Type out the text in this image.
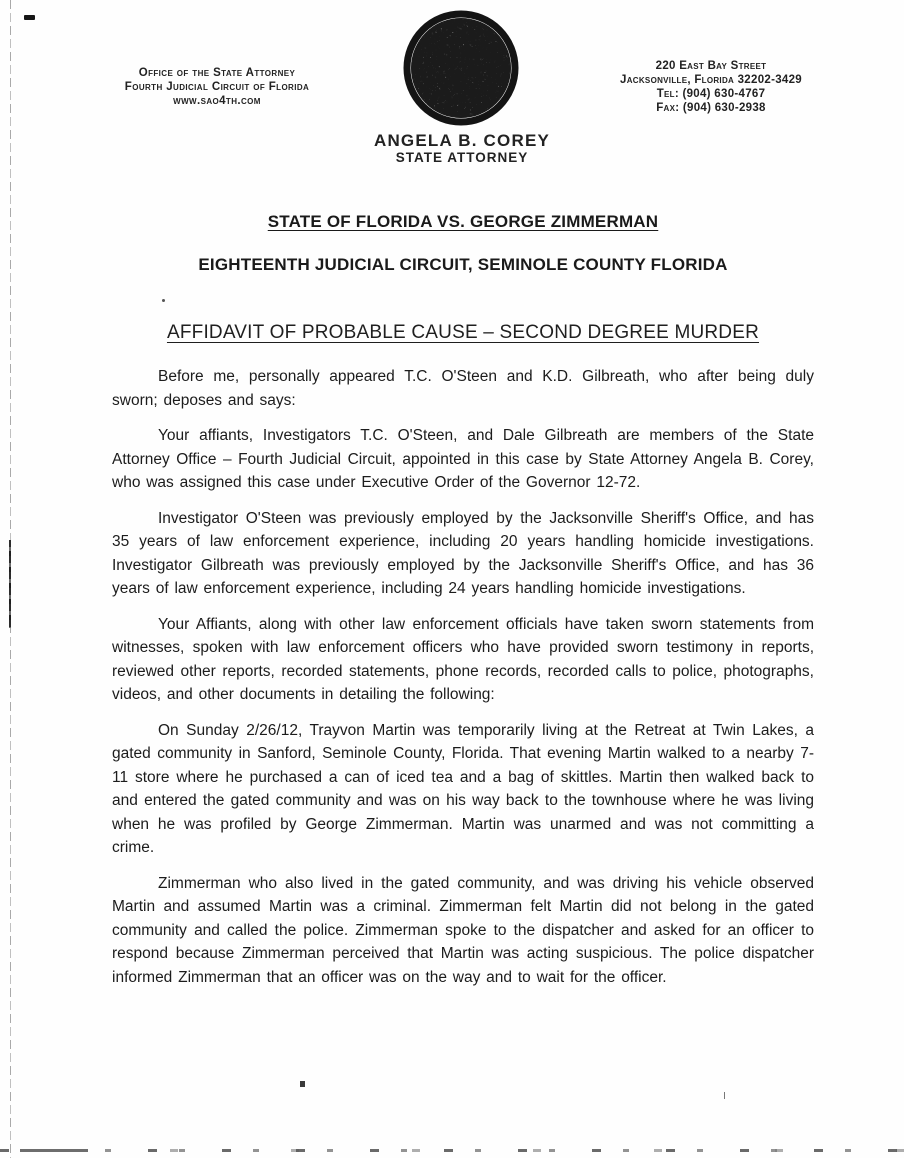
Office of the State Attorney
Fourth Judicial Circuit of Florida
www.sao4th.com
220 East Bay Street
Jacksonville, Florida 32202-3429
Tel: (904) 630-4767
Fax: (904) 630-2938
ANGELA B. COREY
STATE ATTORNEY
STATE OF FLORIDA VS. GEORGE ZIMMERMAN
EIGHTEENTH JUDICIAL CIRCUIT, SEMINOLE COUNTY FLORIDA
AFFIDAVIT OF PROBABLE CAUSE – SECOND DEGREE MURDER

Before me, personally appeared T.C. O'Steen and K.D. Gilbreath, who after being duly sworn; deposes and says:

Your affiants, Investigators T.C. O'Steen, and Dale Gilbreath are members of the State Attorney Office – Fourth Judicial Circuit, appointed in this case by State Attorney Angela B. Corey, who was assigned this case under Executive Order of the Governor 12-72.

Investigator O'Steen was previously employed by the Jacksonville Sheriff's Office, and has 35 years of law enforcement experience, including 20 years handling homicide investigations. Investigator Gilbreath was previously employed by the Jacksonville Sheriff's Office, and has 36 years of law enforcement experience, including 24 years handling homicide investigations.

Your Affiants, along with other law enforcement officials have taken sworn statements from witnesses, spoken with law enforcement officers who have provided sworn testimony in reports, reviewed other reports, recorded statements, phone records, recorded calls to police, photographs, videos, and other documents in detailing the following:

On Sunday 2/26/12, Trayvon Martin was temporarily living at the Retreat at Twin Lakes, a gated community in Sanford, Seminole County, Florida. That evening Martin walked to a nearby 7-11 store where he purchased a can of iced tea and a bag of skittles. Martin then walked back to and entered the gated community and was on his way back to the townhouse where he was living when he was profiled by George Zimmerman. Martin was unarmed and was not committing a crime.

Zimmerman who also lived in the gated community, and was driving his vehicle observed Martin and assumed Martin was a criminal. Zimmerman felt Martin did not belong in the gated community and called the police. Zimmerman spoke to the dispatcher and asked for an officer to respond because Zimmerman perceived that Martin was acting suspicious. The police dispatcher informed Zimmerman that an officer was on the way and to wait for the officer.
